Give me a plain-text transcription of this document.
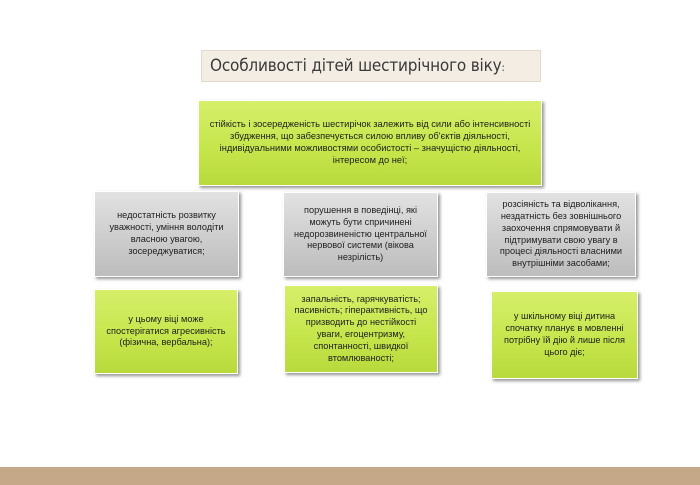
Особливості дітей шестирічного віку:
стійкість і зосередженість шестирічок залежить від сили або інтенсивності збудження, що забезпечується силою впливу об'єктів діяльності, індивідуальними можливостями особистості – значущістю діяльності, інтересом до неї;
недостатність розвитку уважності, уміння володіти власною увагою, зосереджуватися;
порушення в поведінці, які можуть бути спричинені недорозвиненістю центральної нервової системи (вікова незрілість)
розсіяність та відволікання, нездатність без зовнішнього заохочення спрямовувати й підтримувати свою увагу в процесі діяльності власними внутрішніми засобами;
у цьому віці може спостерігатися агресивність (фізична, вербальна);
запальність, гарячкуватість; пасивність; гіперактивність, що призводить до нестійкості уваги, егоцентризму, спонтанності, швидкої втомлюваності;
у шкільному віці дитина спочатку планує в мовленні потрібну їй дію й лише після цього діє;
